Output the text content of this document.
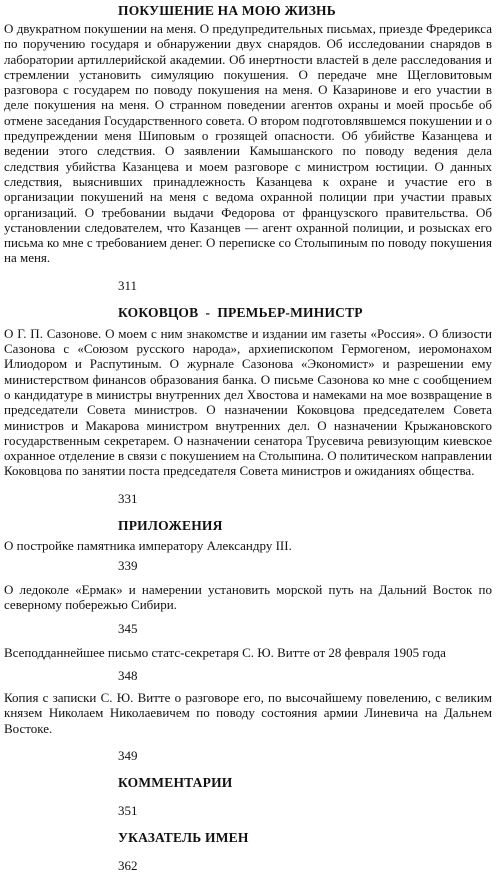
ПОКУШЕНИЕ НА МОЮ ЖИЗНЬ

О двукратном покушении на меня. О предупредительных письмах, приезде Фредерикса по поручению государя и обнаружении двух снарядов. Об исследовании снарядов в лаборатории артиллерийской академии. Об инертности властей в деле расследования и стремлении установить симуляцию покушения. О передаче мне Щегловитовым разговора с государем по поводу покушения на меня. О Казаринове и его участии в деле покушения на меня. О странном поведении агентов охраны и моей просьбе об отмене заседания Государственного совета. О втором подготовлявшемся покушении и о предупреждении меня Шиповым о грозящей опасности. Об убийстве Казанцева и ведении этого следствия. О заявлении Камышанского по поводу ведения дела следствия убийства Казанцева и моем разговоре с министром юстиции. О данных следствия, выяснивших принадлежность Казанцева к охране и участие его в организации покушений на меня с ведома охранной полиции при участии правых организаций. О требовании выдачи Федорова от французского правительства. Об установлении следователем, что Казанцев — агент охранной полиции, и розысках его письма ко мне с требованием денег. О переписке со Столыпиным по поводу покушения на меня.

311
КОКОВЦОВ  -  ПРЕМЬЕР-МИНИСТР

О Г. П. Сазонове. О моем с ним знакомстве и издании им газеты «Россия». О близости Сазонова с «Союзом русского народа», архиепископом Гермогеном, иеромонахом Илиодором и Распутиным. О журнале Сазонова «Экономист» и разрешении ему министерством финансов образования банка. О письме Сазонова ко мне с сообщением о кандидатуре в министры внутренних дел Хвостова и намеками на мое возвращение в председатели Совета министров. О назначении Коковцова председателем Совета министров и Макарова министром внутренних дел. О назначении Крыжановского государственным секретарем. О назначении сенатора Трусевича ревизующим киевское охранное отделение в связи с покушением на Столыпина. О политическом направлении Коковцова по занятии поста председателя Совета министров и ожиданиях общества.

331
ПРИЛОЖЕНИЯ

О постройке памятника императору Александру III.

339

О ледоколе «Ермак» и намерении установить морской путь на Дальний Восток по северному побережью Сибири.

345

Всеподданнейшее письмо статс-секретаря С. Ю. Витте от 28 февраля 1905 года

348

Копия с записки С. Ю. Витте о разговоре его, по высочайшему повелению, с великим князем Николаем Николаевичем по поводу состояния армии Линевича на Дальнем Востоке.

349
КОММЕНТАРИИ
351
УКАЗАТЕЛЬ ИМЕН
362
